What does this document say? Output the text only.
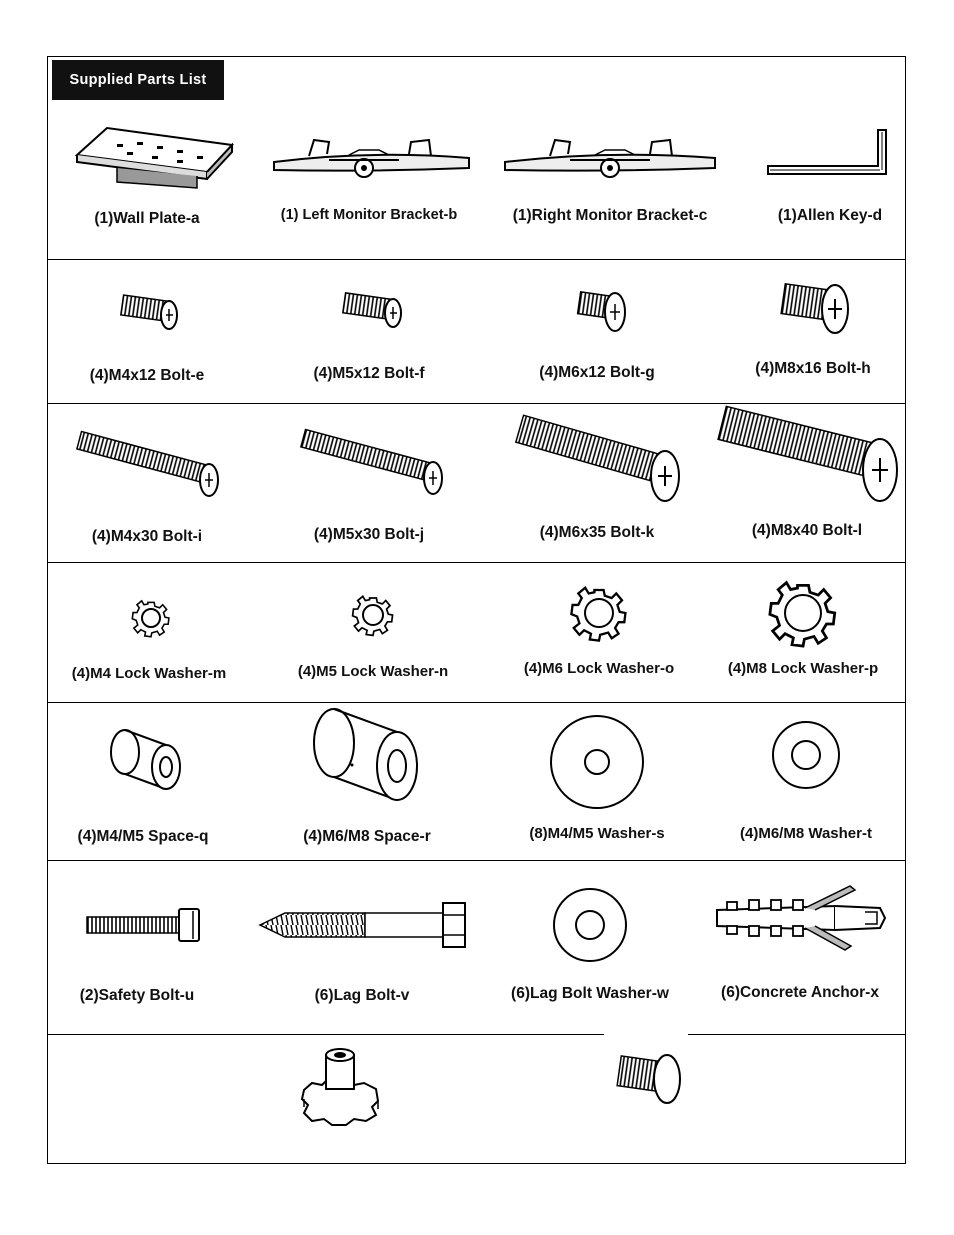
Supplied Parts List
(1)Wall Plate-a	(1) Left Monitor Bracket-b	(1)Right Monitor Bracket-c	(1)Allen Key-d
(4)M4x12 Bolt-e	(4)M5x12 Bolt-f	(4)M6x12 Bolt-g	(4)M8x16 Bolt-h
(4)M4x30 Bolt-i	(4)M5x30 Bolt-j	(4)M6x35 Bolt-k	(4)M8x40 Bolt-l
(4)M4 Lock Washer-m	(4)M5 Lock Washer-n	(4)M6 Lock Washer-o	(4)M8 Lock Washer-p
(4)M4/M5 Space-q	(4)M6/M8 Space-r	(8)M4/M5 Washer-s	(4)M6/M8 Washer-t
(2)Safety Bolt-u	(6)Lag Bolt-v	(6)Lag Bolt Washer-w	(6)Concrete Anchor-x
